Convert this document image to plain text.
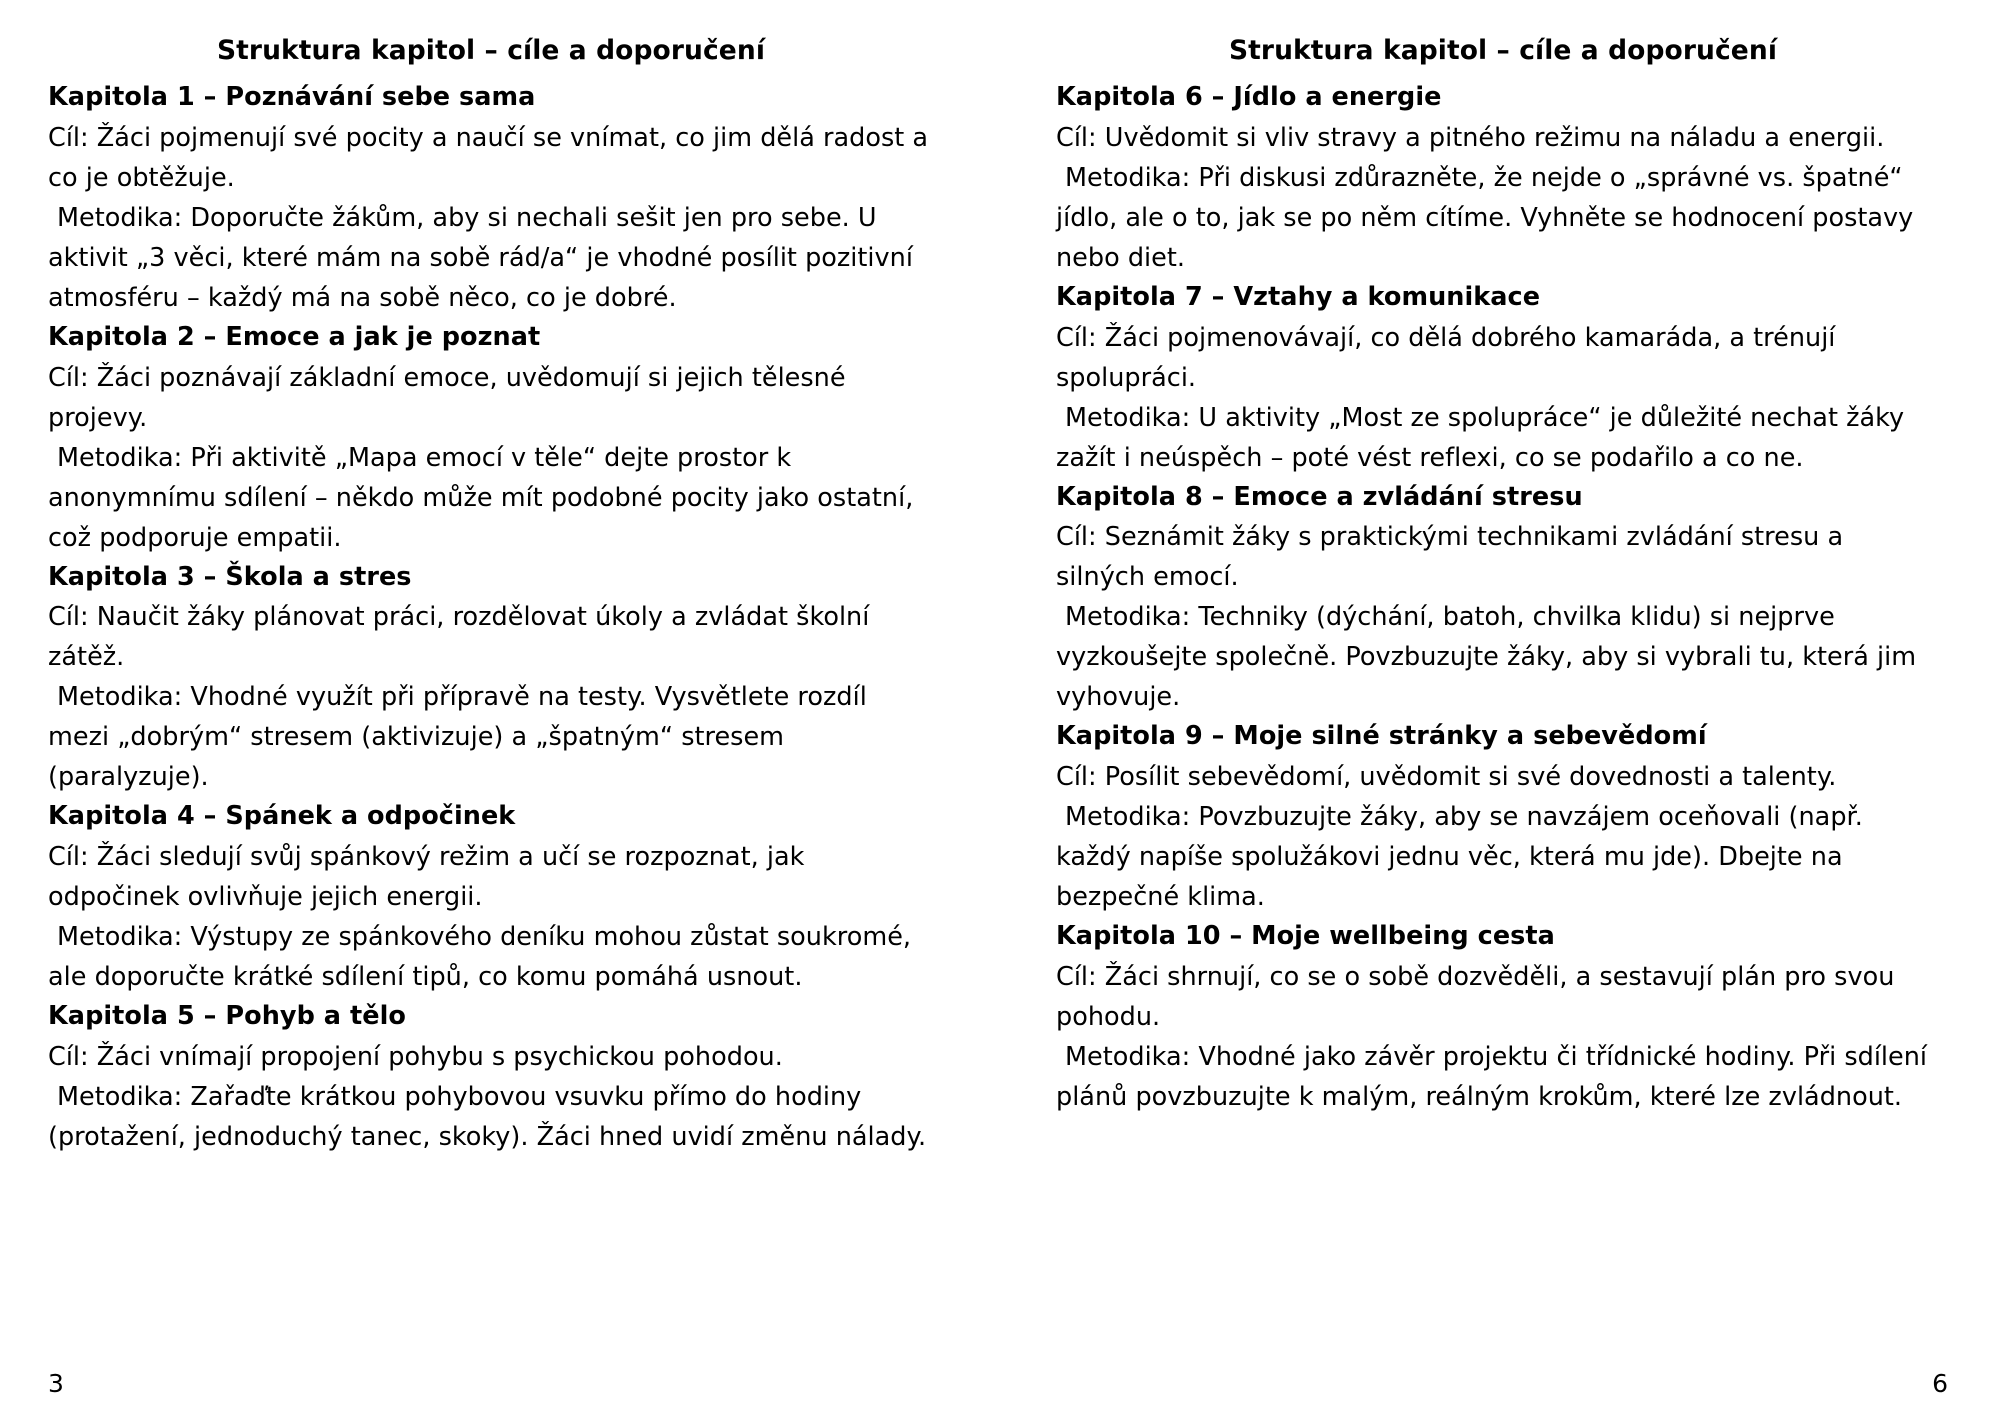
Struktura kapitol – cíle a doporučení

Kapitola 1 – Poznávání sebe sama

Cíl: Žáci pojmenují své pocity a naučí se vnímat, co jim dělá radost a co je obtěžuje.

Metodika: Doporučte žákům, aby si nechali sešit jen pro sebe. U aktivit „3 věci, které mám na sobě rád/a“ je vhodné posílit pozitivní atmosféru – každý má na sobě něco, co je dobré.

Kapitola 2 – Emoce a jak je poznat

Cíl: Žáci poznávají základní emoce, uvědomují si jejich tělesné projevy.

Metodika: Při aktivitě „Mapa emocí v těle“ dejte prostor k anonymnímu sdílení – někdo může mít podobné pocity jako ostatní, což podporuje empatii.

Kapitola 3 – Škola a stres

Cíl: Naučit žáky plánovat práci, rozdělovat úkoly a zvládat školní zátěž.

Metodika: Vhodné využít při přípravě na testy. Vysvětlete rozdíl mezi „dobrým“ stresem (aktivizuje) a „špatným“ stresem (paralyzuje).

Kapitola 4 – Spánek a odpočinek

Cíl: Žáci sledují svůj spánkový režim a učí se rozpoznat, jak odpočinek ovlivňuje jejich energii.

Metodika: Výstupy ze spánkového deníku mohou zůstat soukromé, ale doporučte krátké sdílení tipů, co komu pomáhá usnout.

Kapitola 5 – Pohyb a tělo

Cíl: Žáci vnímají propojení pohybu s psychickou pohodou.

Metodika: Zařaďte krátkou pohybovou vsuvku přímo do hodiny (protažení, jednoduchý tanec, skoky). Žáci hned uvidí změnu nálady.

3
Struktura kapitol – cíle a doporučení

Kapitola 6 – Jídlo a energie

Cíl: Uvědomit si vliv stravy a pitného režimu na náladu a energii.

Metodika: Při diskusi zdůrazněte, že nejde o „správné vs. špatné“ jídlo, ale o to, jak se po něm cítíme. Vyhněte se hodnocení postavy nebo diet.

Kapitola 7 – Vztahy a komunikace

Cíl: Žáci pojmenovávají, co dělá dobrého kamaráda, a trénují spolupráci.

Metodika: U aktivity „Most ze spolupráce“ je důležité nechat žáky zažít i neúspěch – poté vést reflexi, co se podařilo a co ne.

Kapitola 8 – Emoce a zvládání stresu

Cíl: Seznámit žáky s praktickými technikami zvládání stresu a silných emocí.

Metodika: Techniky (dýchání, batoh, chvilka klidu) si nejprve vyzkoušejte společně. Povzbuzujte žáky, aby si vybrali tu, která jim vyhovuje.

Kapitola 9 – Moje silné stránky a sebevědomí

Cíl: Posílit sebevědomí, uvědomit si své dovednosti a talenty.

Metodika: Povzbuzujte žáky, aby se navzájem oceňovali (např. každý napíše spolužákovi jednu věc, která mu jde). Dbejte na bezpečné klima.

Kapitola 10 – Moje wellbeing cesta

Cíl: Žáci shrnují, co se o sobě dozvěděli, a sestavují plán pro svou pohodu.

Metodika: Vhodné jako závěr projektu či třídnické hodiny. Při sdílení plánů povzbuzujte k malým, reálným krokům, které lze zvládnout.

6
